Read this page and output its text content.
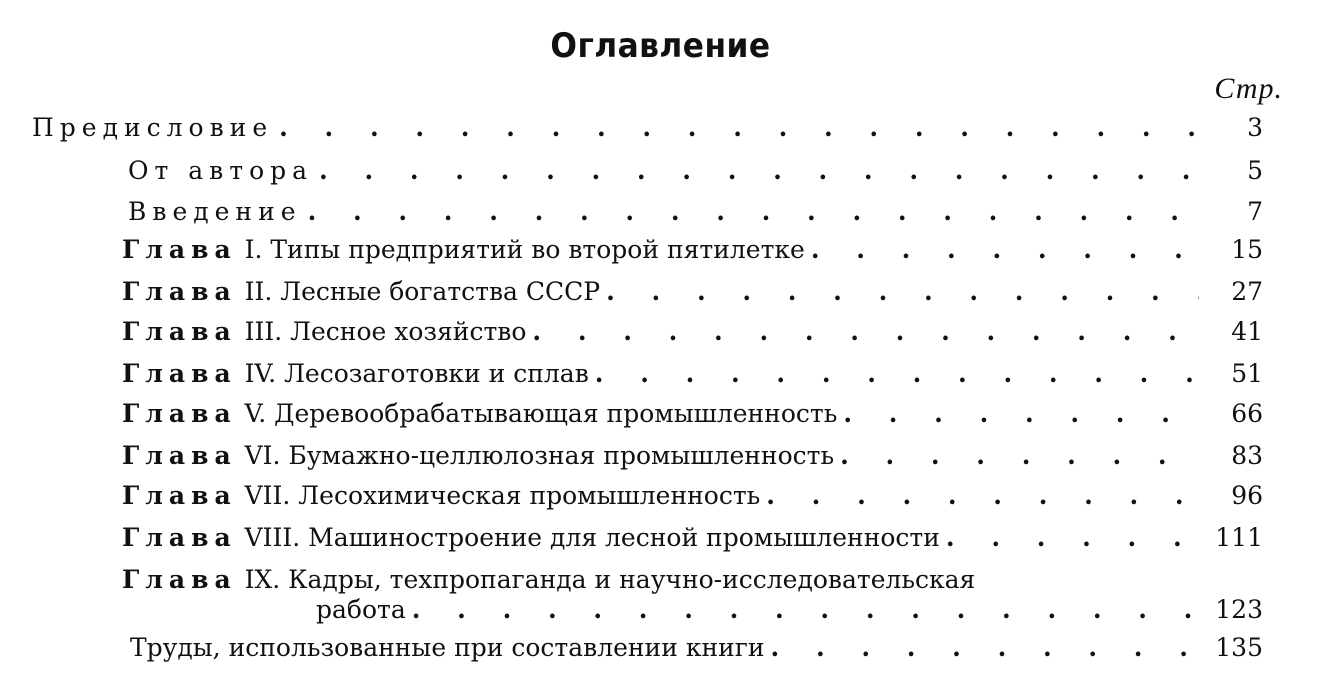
Оглавление
Стр.
Предисловие . . .	3
От автора . . .	5
Введение . . .	7
Глава I. Типы предприятий во второй пятилетке . . .	15
Глава II. Лесные богатства СССР . . .	27
Глава III. Лесное хозяйство . . .	41
Глава IV. Лесозаготовки и сплав . . .	51
Глава V. Деревообрабатывающая промышленность . . .	66
Глава VI. Бумажно-целлюлозная промышленность . . .	83
Глава VII. Лесохимическая промышленность . . .	96
Глава VIII. Машиностроение для лесной промышленности . . .	111
Глава IX. Кадры, техпропаганда и научно-исследовательская
работа . . .	123
Труды, использованные при составлении книги . . .	135
